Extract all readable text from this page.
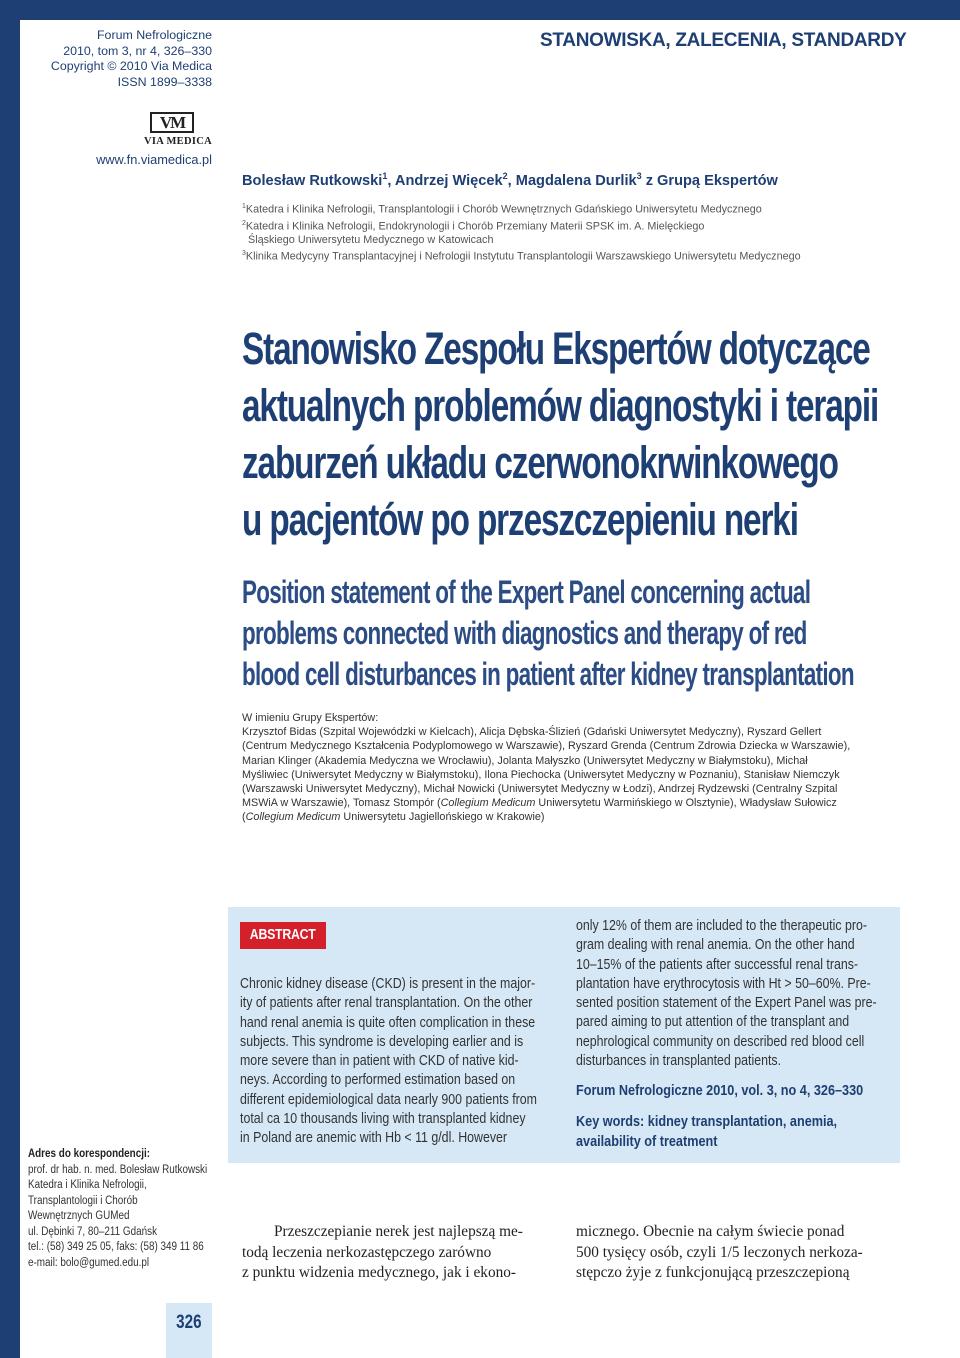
Forum Nefrologiczne
2010, tom 3, nr 4, 326–330
Copyright © 2010 Via Medica
ISSN 1899–3338
VM
VIA MEDICA
www.fn.viamedica.pl
STANOWISKA, ZALECENIA, STANDARDY
Bolesław Rutkowski$^1$, Andrzej Więcek$^2$, Magdalena Durlik$^3$ z Grupą Ekspertów
$^1$Katedra i Klinika Nefrologii, Transplantologii i Chorób Wewnętrznych Gdańskiego Uniwersytetu Medycznego
$^2$Katedra i Klinika Nefrologii, Endokrynologii i Chorób Przemiany Materii SPSK im. A. Mielęckiego
Śląskiego Uniwersytetu Medycznego w Katowicach
$^3$Klinika Medycyny Transplantacyjnej i Nefrologii Instytutu Transplantologii Warszawskiego Uniwersytetu Medycznego
Stanowisko Zespołu Ekspertów dotyczące
aktualnych problemów diagnostyki i terapii
zaburzeń układu czerwonokrwinkowego
u pacjentów po przeszczepieniu nerki
Position statement of the Expert Panel concerning actual
problems connected with diagnostics and therapy of red
blood cell disturbances in patient after kidney transplantation
W imieniu Grupy Ekspertów:
Krzysztof Bidas (Szpital Wojewódzki w Kielcach), Alicja Dębska-Ślizień (Gdański Uniwersytet Medyczny), Ryszard Gellert
(Centrum Medycznego Kształcenia Podyplomowego w Warszawie), Ryszard Grenda (Centrum Zdrowia Dziecka w Warszawie),
Marian Klinger (Akademia Medyczna we Wrocławiu), Jolanta Małyszko (Uniwersytet Medyczny w Białymstoku), Michał
Myśliwiec (Uniwersytet Medyczny w Białymstoku), Ilona Piechocka (Uniwersytet Medyczny w Poznaniu), Stanisław Niemczyk
(Warszawski Uniwersytet Medyczny), Michał Nowicki (Uniwersytet Medyczny w Łodzi), Andrzej Rydzewski (Centralny Szpital
MSWiA w Warszawie), Tomasz Stompór (Collegium Medicum Uniwersytetu Warmińskiego w Olsztynie), Władysław Sułowicz
(Collegium Medicum Uniwersytetu Jagiellońskiego w Krakowie)
ABSTRACT
Chronic kidney disease (CKD) is present in the major-
ity of patients after renal transplantation. On the other
hand renal anemia is quite often complication in these
subjects. This syndrome is developing earlier and is
more severe than in patient with CKD of native kid-
neys. According to performed estimation based on
different epidemiological data nearly 900 patients from
total ca 10 thousands living with transplanted kidney
in Poland are anemic with Hb < 11 g/dl. However
only 12% of them are included to the therapeutic pro-
gram dealing with renal anemia. On the other hand
10–15% of the patients after successful renal trans-
plantation have erythrocytosis with Ht > 50–60%. Pre-
sented position statement of the Expert Panel was pre-
pared aiming to put attention of the transplant and
nephrological community on described red blood cell
disturbances in transplanted patients.
Forum Nefrologiczne 2010, vol. 3, no 4, 326–330
Key words: kidney transplantation, anemia,
availability of treatment
Adres do korespondencji:
prof. dr hab. n. med. Bolesław Rutkowski
Katedra i Klinika Nefrologii,
Transplantologii i Chorób
Wewnętrznych GUMed
ul. Dębinki 7, 80–211 Gdańsk
tel.: (58) 349 25 05, faks: (58) 349 11 86
e-mail: bolo@gumed.edu.pl
Przeszczepianie nerek jest najlepszą me-
todą leczenia nerkozastępczego zarówno
z punktu widzenia medycznego, jak i ekono-
micznego. Obecnie na całym świecie ponad
500 tysięcy osób, czyli 1/5 leczonych nerkoza-
stępczo żyje z funkcjonującą przeszczepioną
326
